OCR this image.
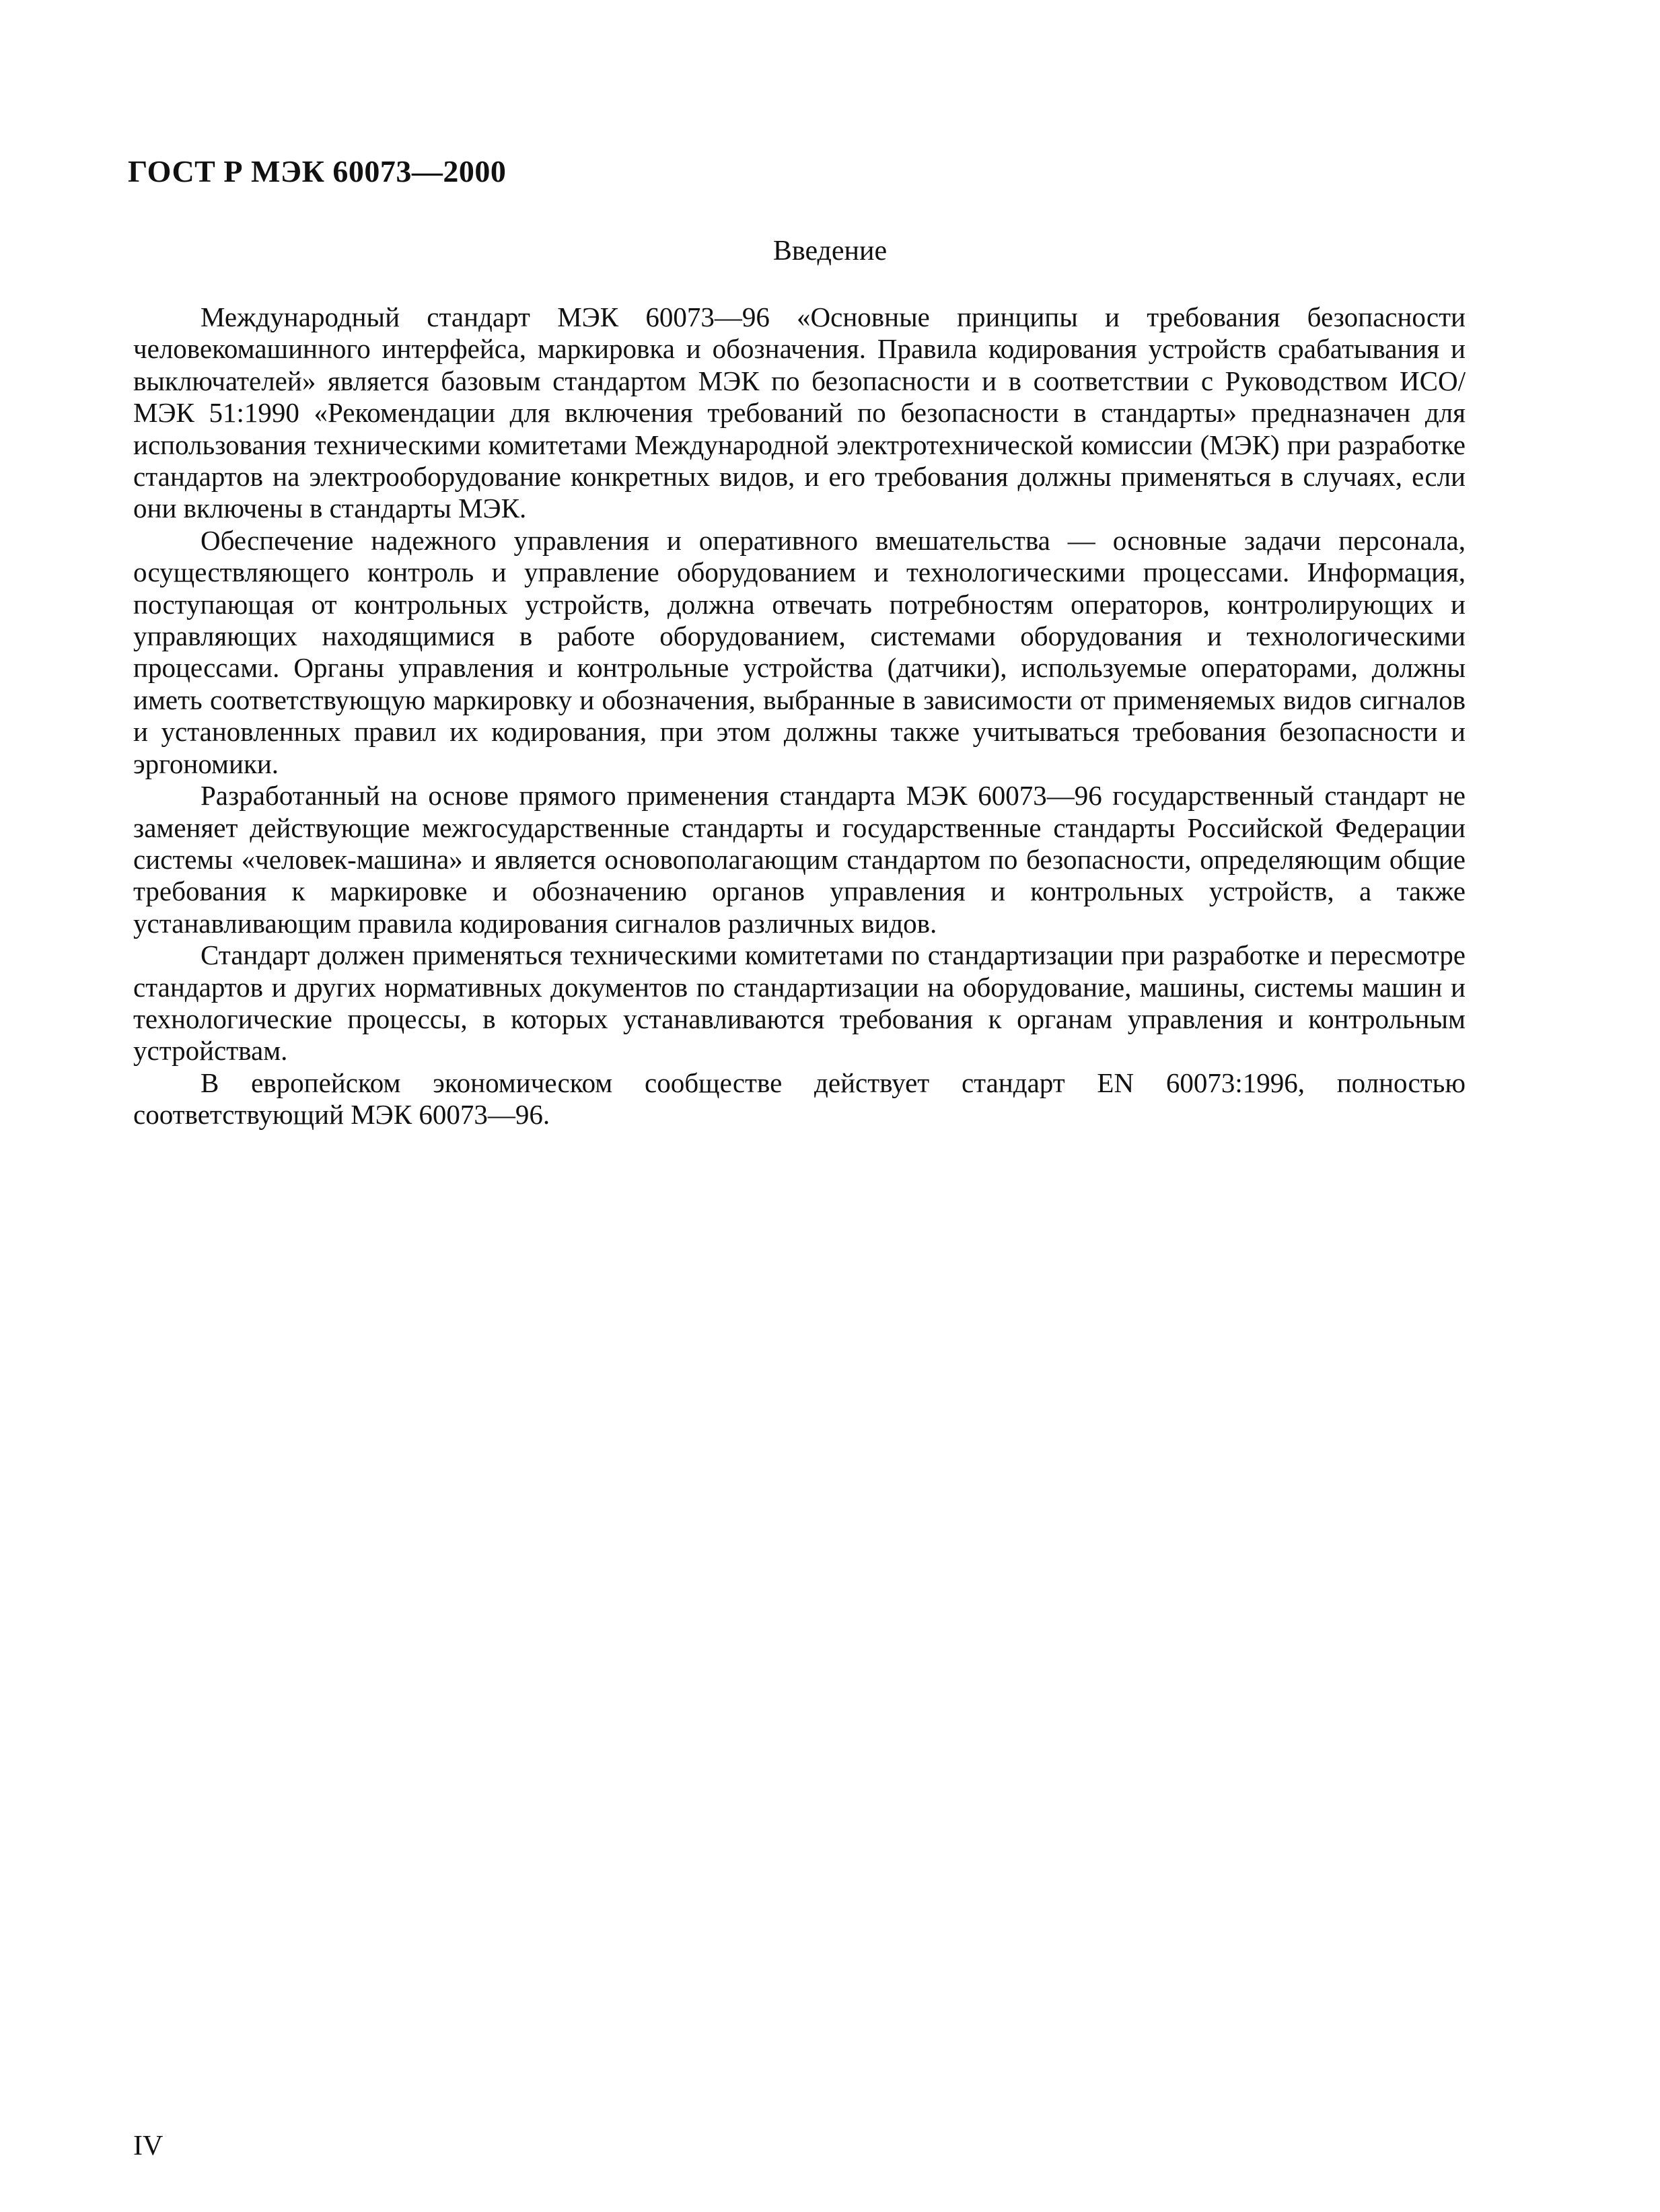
ГОСТ Р МЭК 60073—2000
Введение

Международный стандарт МЭК 60073—96 «Основные принципы и требования безопасности человекомашинного интерфейса, маркировка и обозначения. Правила кодирования устройств срабатывания и выключателей» является базовым стандартом МЭК по безопасности и в соответствии с Руководством ИСО/МЭК 51:1990 «Рекомендации для включения требований по безопасности в стандарты» предназначен для использования техническими комитетами Международной электротехнической комиссии (МЭК) при разработке стандартов на электрооборудование конкретных видов, и его требования должны применяться в случаях, если они включены в стандарты МЭК.

Обеспечение надежного управления и оперативного вмешательства — основные задачи персонала, осуществляющего контроль и управление оборудованием и технологическими процессами. Информация, поступающая от контрольных устройств, должна отвечать потребностям операторов, контролирующих и управляющих находящимися в работе оборудованием, системами оборудования и технологическими процессами. Органы управления и контрольные устройства (датчики), используемые операторами, должны иметь соответствующую маркировку и обозначения, выбранные в зависимости от применяемых видов сигналов и установленных правил их кодирования, при этом должны также учитываться требования безопасности и эргономики.

Разработанный на основе прямого применения стандарта МЭК 60073—96 государственный стандарт не заменяет действующие межгосударственные стандарты и государственные стандарты Российской Федерации системы «человек-машина» и является основополагающим стандартом по безопасности, определяющим общие требования к маркировке и обозначению органов управления и контрольных устройств, а также устанавливающим правила кодирования сигналов различных видов.

Стандарт должен применяться техническими комитетами по стандартизации при разработке и пересмотре стандартов и других нормативных документов по стандартизации на оборудование, машины, системы машин и технологические процессы, в которых устанавливаются требования к органам управления и контрольным устройствам.

В европейском экономическом сообществе действует стандарт EN 60073:1996, полностью соответствующий МЭК 60073—96.

IV
